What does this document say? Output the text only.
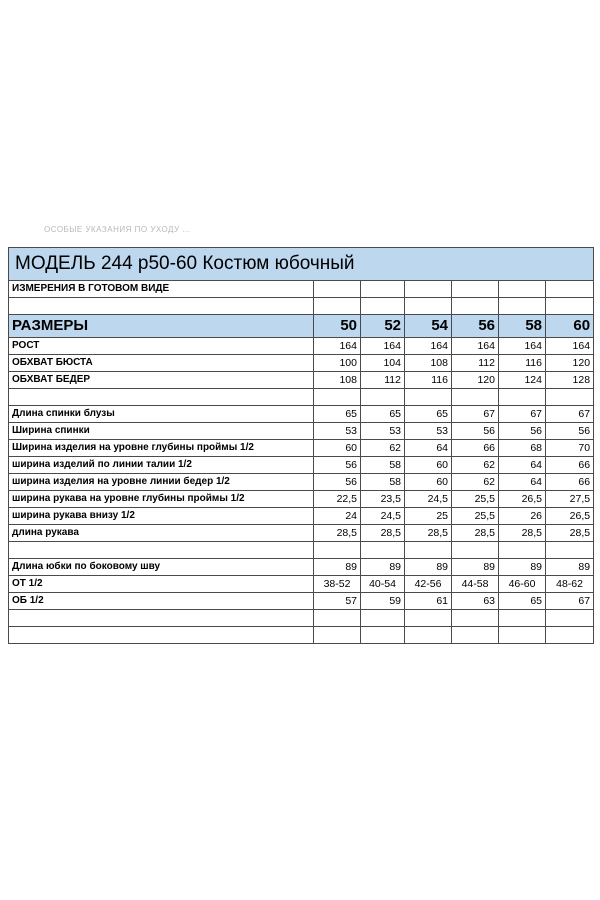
ОСОБЫЕ УКАЗАНИЯ ПО УХОДУ ...
МОДЕЛЬ 244 р50-60 Костюм юбочный						
ИЗМЕРЕНИЯ В ГОТОВОМ ВИДЕ						

РАЗМЕРЫ	50	52	54	56	58	60
РОСТ	164	164	164	164	164	164
ОБХВАТ БЮСТА	100	104	108	112	116	120
ОБХВАТ БЕДЕР	108	112	116	120	124	128

Длина спинки блузы	65	65	65	67	67	67
Ширина спинки	53	53	53	56	56	56
Ширина изделия на уровне глубины проймы 1/2	60	62	64	66	68	70
ширина изделий по линии талии 1/2	56	58	60	62	64	66
ширина изделия на уровне линии бедер 1/2	56	58	60	62	64	66
ширина рукава на уровне глубины проймы 1/2	22,5	23,5	24,5	25,5	26,5	27,5
ширина рукава внизу 1/2	24	24,5	25	25,5	26	26,5
длина рукава	28,5	28,5	28,5	28,5	28,5	28,5

Длина юбки по боковому шву	89	89	89	89	89	89
ОТ 1/2	38-52	40-54	42-56	44-58	46-60	48-62
ОБ 1/2	57	59	61	63	65	67
